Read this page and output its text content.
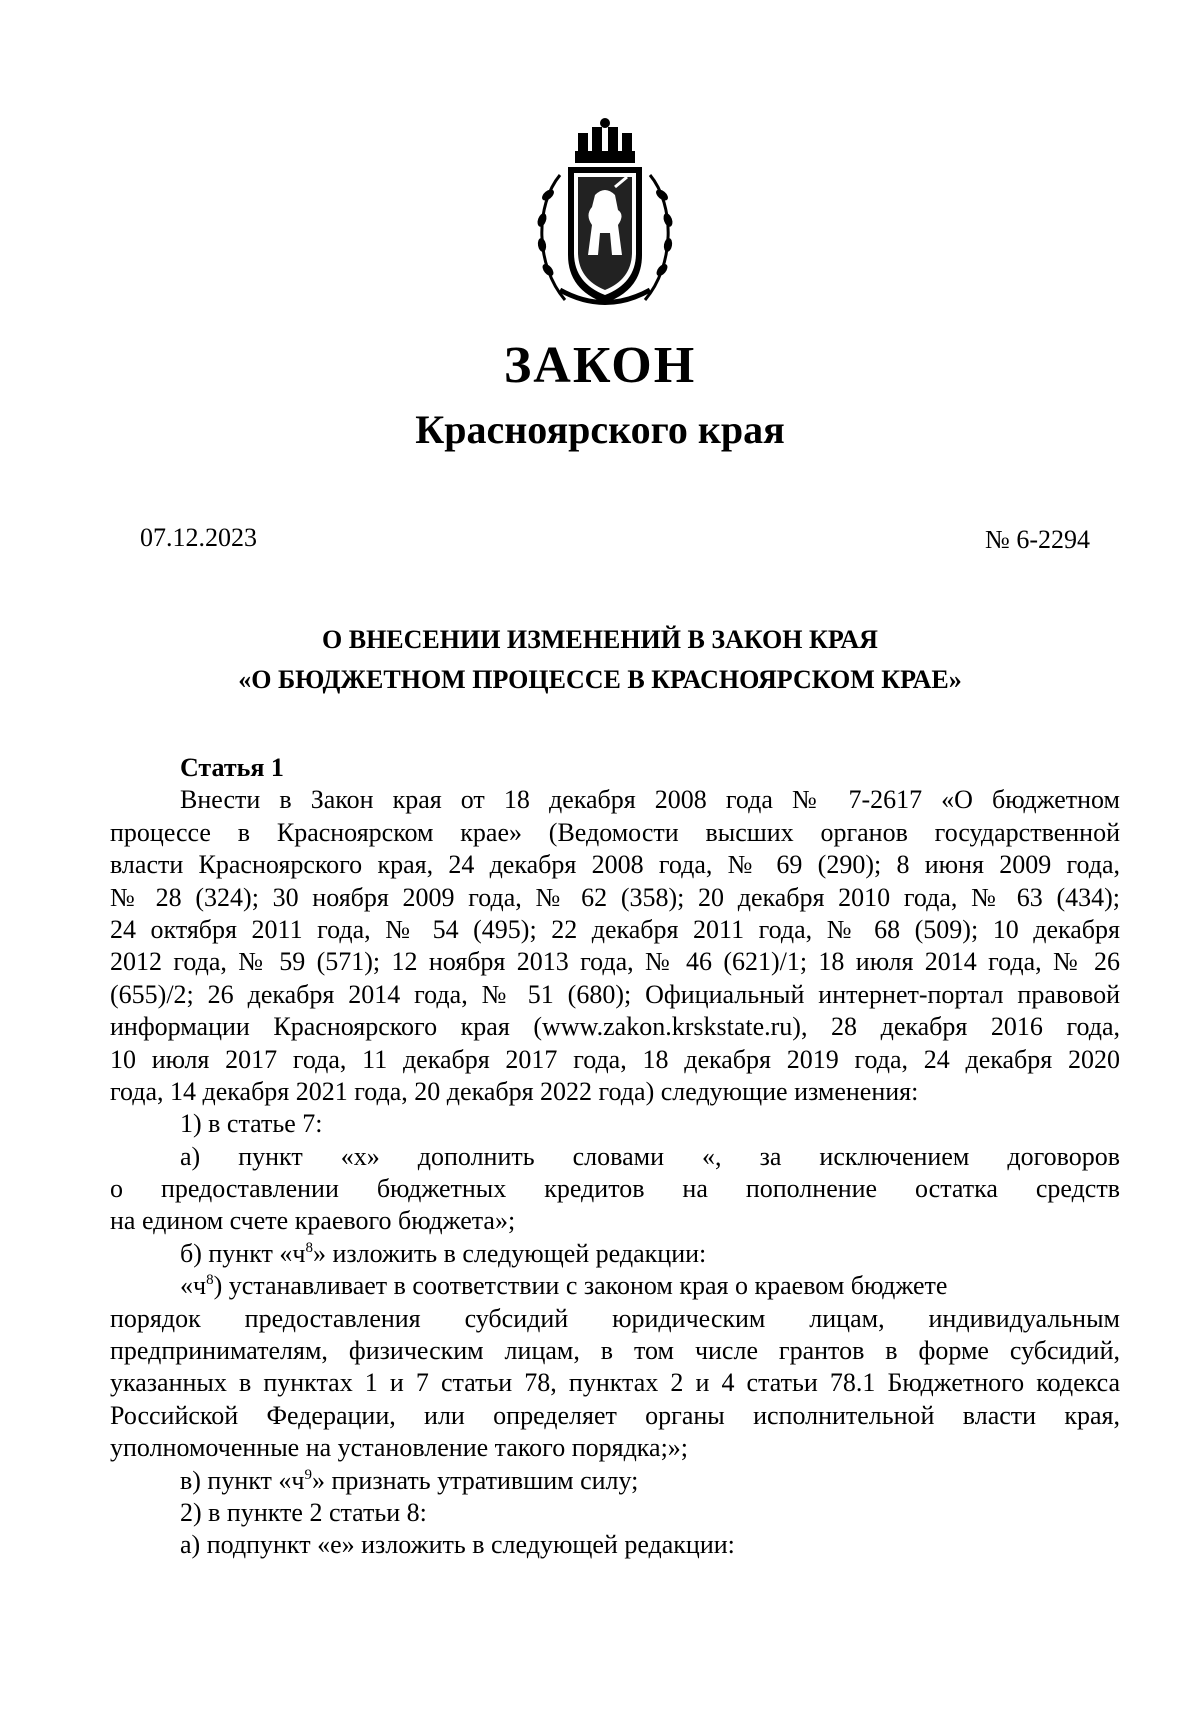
ЗАКОН
Красноярского края
07.12.2023	№ 6-2294
О ВНЕСЕНИИ ИЗМЕНЕНИЙ В ЗАКОН КРАЯ
«О БЮДЖЕТНОМ ПРОЦЕССЕ В КРАСНОЯРСКОМ КРАЕ»
Статья 1
Внести в Закон края от 18 декабря 2008 года № 7-2617 «О бюджетном
процессе в Красноярском крае» (Ведомости высших органов государственной
власти Красноярского края, 24 декабря 2008 года, № 69 (290); 8 июня 2009 года,
№ 28 (324); 30 ноября 2009 года, № 62 (358); 20 декабря 2010 года, № 63 (434);
24 октября 2011 года, № 54 (495); 22 декабря 2011 года, № 68 (509); 10 декабря
2012 года, № 59 (571); 12 ноября 2013 года, № 46 (621)/1; 18 июля 2014 года, № 26
(655)/2; 26 декабря 2014 года, № 51 (680); Официальный интернет-портал правовой
информации Красноярского края (www.zakon.krskstate.ru), 28 декабря 2016 года,
10 июля 2017 года, 11 декабря 2017 года, 18 декабря 2019 года, 24 декабря 2020
года, 14 декабря 2021 года, 20 декабря 2022 года) следующие изменения:
1) в статье 7:
а) пункт «х» дополнить словами «, за исключением договоров
о предоставлении бюджетных кредитов на пополнение остатка средств
на едином счете краевого бюджета»;
б) пункт «$ч^8$» изложить в следующей редакции:
«$ч^8$) устанавливает в соответствии с законом края о краевом бюджете
порядок предоставления субсидий юридическим лицам, индивидуальным
предпринимателям, физическим лицам, в том числе грантов в форме субсидий,
указанных в пунктах 1 и 7 статьи 78, пунктах 2 и 4 статьи 78.1 Бюджетного кодекса
Российской Федерации, или определяет органы исполнительной власти края,
уполномоченные на установление такого порядка;»;
в) пункт «$ч^9$» признать утратившим силу;
2) в пункте 2 статьи 8:
а) подпункт «е» изложить в следующей редакции:
